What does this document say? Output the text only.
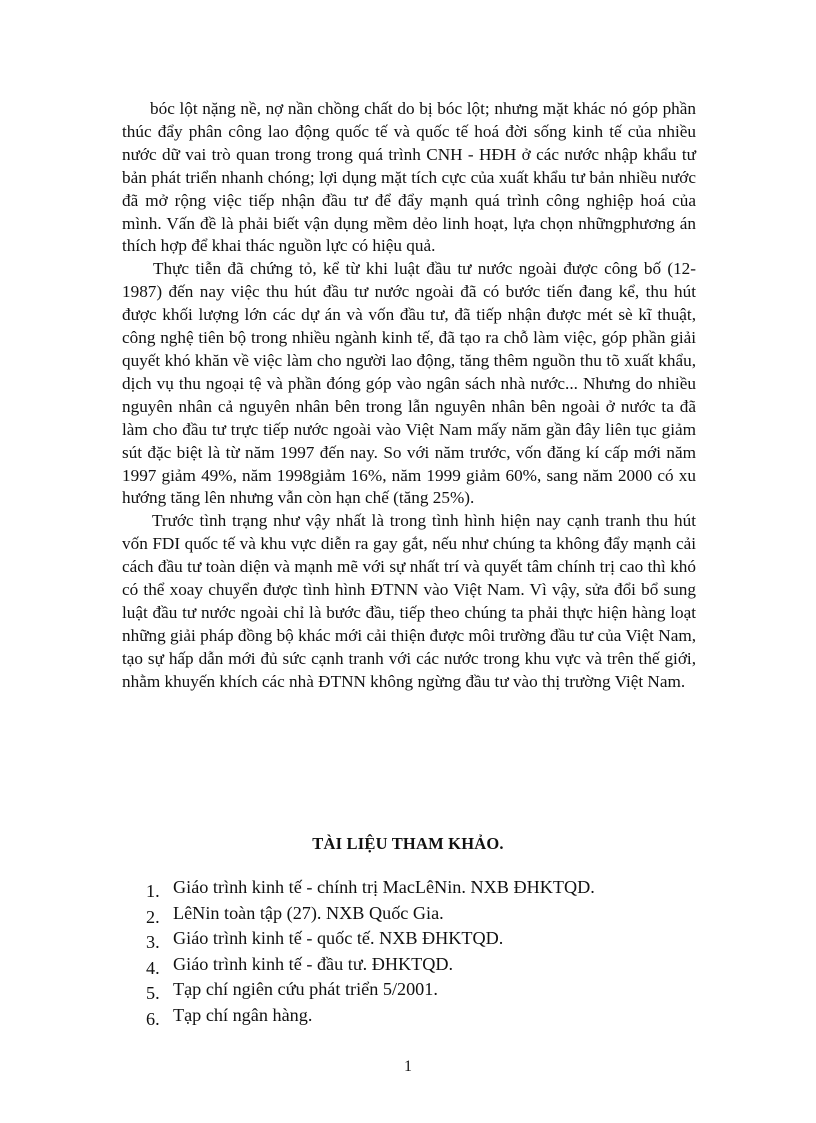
bóc lột nặng nề, nợ nần chồng chất do bị bóc lột; nhưng mặt khác nó góp phần thúc đẩy phân công lao động quốc tế và quốc tế hoá đời sống kinh tế của nhiều nước dữ vai trò quan trong trong quá trình CNH - HĐH ở các nước nhập khẩu tư bản phát triển nhanh chóng; lợi dụng mặt tích cực của xuất khẩu tư bản nhiều nước đã mở rộng việc tiếp nhận đầu tư để đẩy mạnh quá trình công nghiệp hoá của mình. Vấn đề là phải biết vận dụng mềm dẻo linh hoạt, lựa chọn nhữngphương án thích hợp để khai thác nguồn lực có hiệu quả.

Thực tiễn đã chứng tỏ, kể từ khi luật đầu tư nước ngoài được công bố (12-1987) đến nay việc thu hút đầu tư nước ngoài đã có bước tiến đang kể, thu hút được khối lượng lớn các dự án và vốn đầu tư, đã tiếp nhận được mét sè kĩ thuật, công nghệ tiên bộ trong nhiều ngành kinh tế, đã tạo ra chỗ làm việc, góp phần giải quyết khó khăn về việc làm cho người lao động, tăng thêm nguồn thu tõ xuất khẩu, dịch vụ thu ngoại tệ và phần đóng góp vào ngân sách nhà nước... Nhưng do nhiều nguyên nhân cả nguyên nhân bên trong lẫn nguyên nhân bên ngoài ở nước ta đã làm cho đầu tư trực tiếp nước ngoài vào Việt Nam mấy năm gần đây liên tục giảm sút đặc biệt là từ năm 1997 đến nay. So với năm trước, vốn đăng kí cấp mới năm 1997 giảm 49%, năm 1998giảm 16%, năm 1999 giảm 60%, sang năm 2000 có xu hướng tăng lên nhưng vẫn còn hạn chế (tăng 25%).

Trước tình trạng như vậy nhất là trong tình hình hiện nay cạnh tranh thu hút vốn FDI quốc tế và khu vực diễn ra gay gắt, nếu như chúng ta không đẩy mạnh cải cách đầu tư toàn diện và mạnh mẽ với sự nhất trí và quyết tâm chính trị cao thì khó có thể xoay chuyển được tình hình ĐTNN vào Việt Nam. Vì vậy, sửa đổi bổ sung luật đầu tư nước ngoài chỉ là bước đầu, tiếp theo chúng ta phải thực hiện hàng loạt những giải pháp đồng bộ khác mới cải thiện được môi trường đầu tư của Việt Nam, tạo sự hấp dẫn mới đủ sức cạnh tranh với các nước trong khu vực và trên thế giới, nhằm khuyến khích các nhà ĐTNN không ngừng đầu tư vào thị trường Việt Nam.

TÀI LIỆU THAM KHẢO.
1. Giáo trình kinh tế - chính trị MacLêNin. NXB ĐHKTQD.
2. LêNin toàn tập (27). NXB Quốc Gia.
3. Giáo trình kinh tế - quốc tế. NXB ĐHKTQD.
4. Giáo trình kinh tế - đầu tư. ĐHKTQD.
5. Tạp chí ngiên cứu phát triển 5/2001.
6. Tạp chí ngân hàng.
1
